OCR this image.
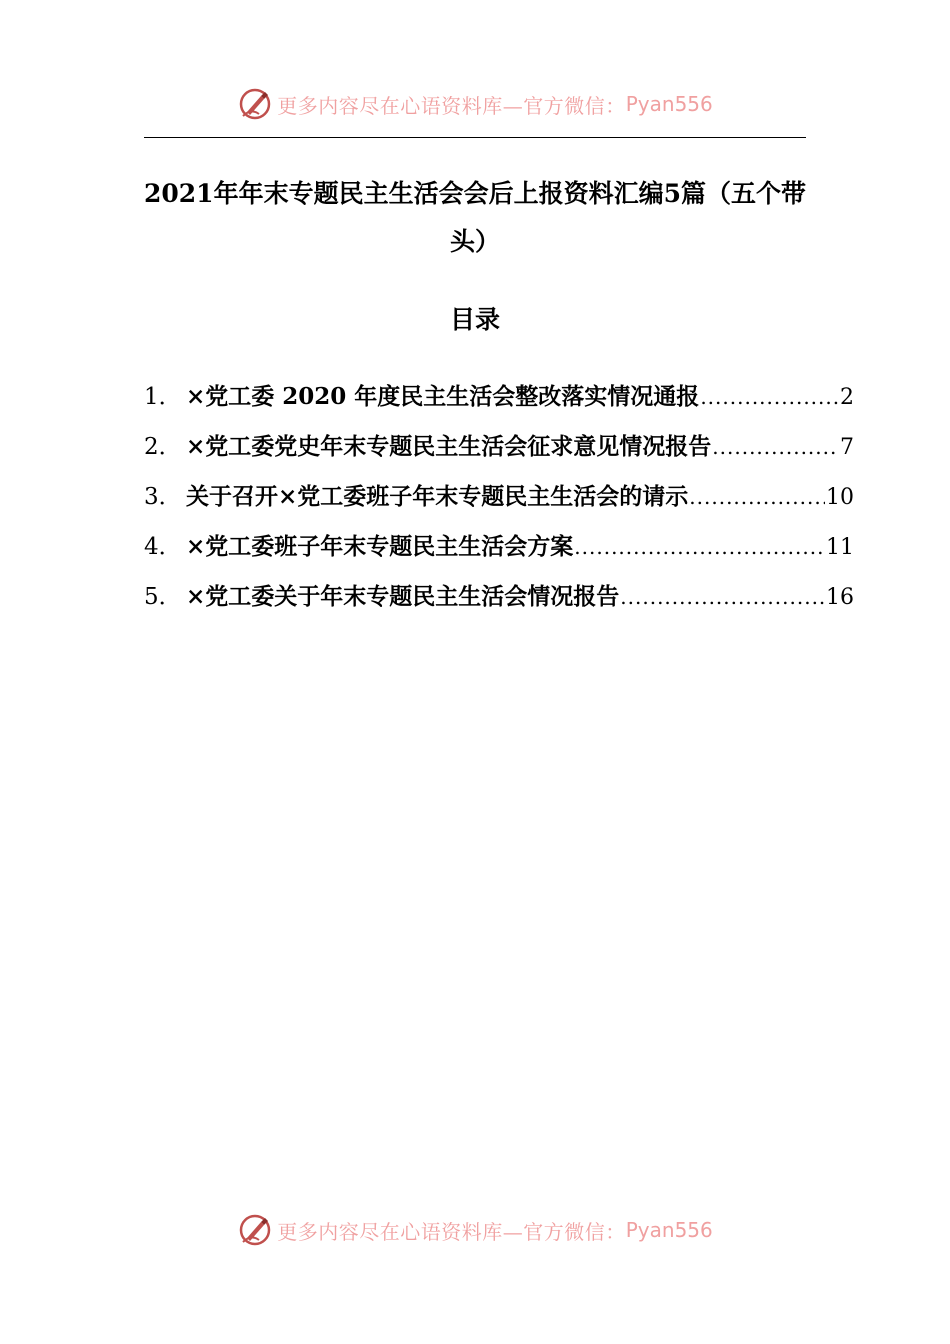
更多内容尽在心语资料库—官方微信： Pyan556
2021年年末专题民主生活会会后上报资料汇编5篇（五个带头）
目录
1． ×党工委 2020 年度民主生活会整改落实情况通报 .....	2
2． ×党工委党史年末专题民主生活会征求意见情况报告 .....	7
3． 关于召开×党工委班子年末专题民主生活会的请示 .....	10
4． ×党工委班子年末专题民主生活会方案 .....	11
5． ×党工委关于年末专题民主生活会情况报告 .....	16
更多内容尽在心语资料库—官方微信： Pyan556
